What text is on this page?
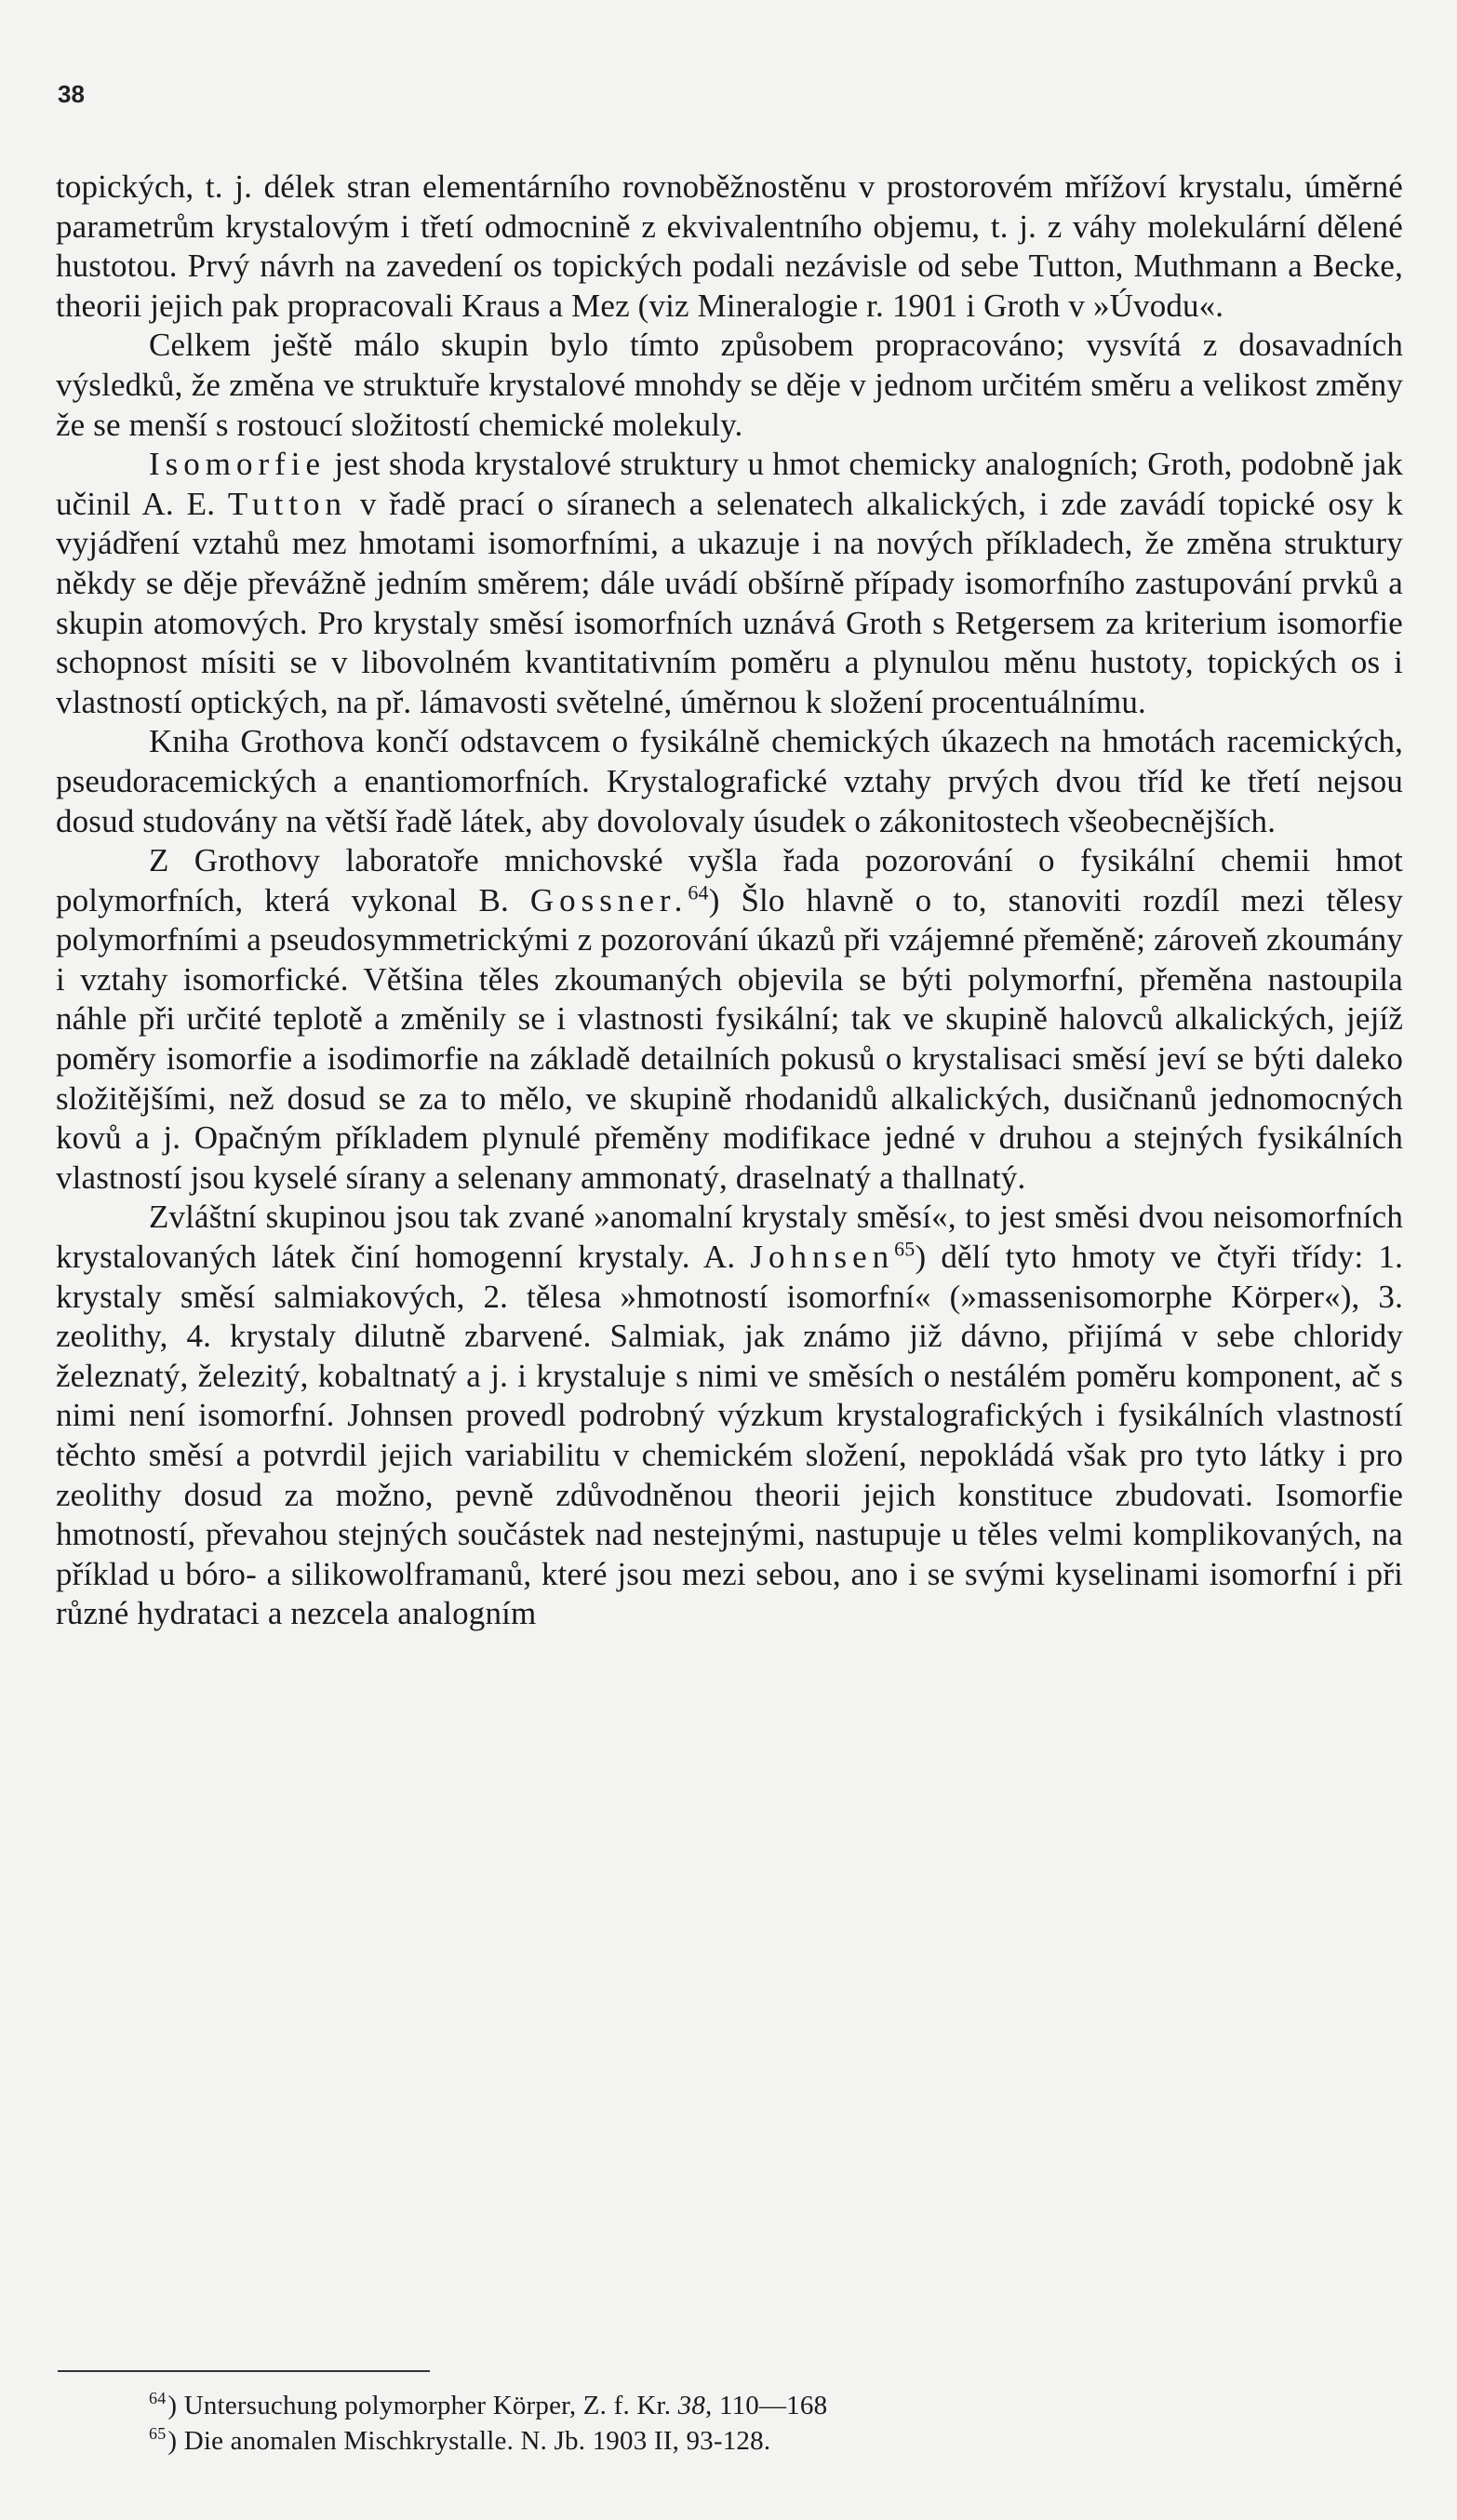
38

topických, t. j. délek stran elementárního rovnoběžnostěnu v prostorovém mřížoví krystalu, úměrné parametrům krystalovým i třetí odmocnině z ekvivalentního objemu, t. j. z váhy molekulární dělené hustotou. Prvý návrh na zavedení os topických podali nezávisle od sebe Tutton, Muthmann a Becke, theorii jejich pak propracovali Kraus a Mez (viz Mineralogie r. 1901 i Groth v »Úvodu«.

Celkem ještě málo skupin bylo tímto způsobem propracováno; vysvítá z dosavadních výsledků, že změna ve struktuře krystalové mnohdy se děje v jednom určitém směru a velikost změny že se menší s rostoucí složitostí chemické molekuly.

Isomorfie jest shoda krystalové struktury u hmot chemicky analogních; Groth, podobně jak učinil A. E. Tutton v řadě prací o síranech a selenatech alkalických, i zde zavádí topické osy k vyjádření vztahů mez hmotami isomorfními, a ukazuje i na nových příkladech, že změna struktury někdy se děje převážně jedním směrem; dále uvádí obšírně případy isomorfního zastupování prvků a skupin atomových. Pro krystaly směsí isomorfních uznává Groth s Retgersem za kriterium isomorfie schopnost mísiti se v libovolném kvantitativním poměru a plynulou měnu hustoty, topických os i vlastností optických, na př. lámavosti světelné, úměrnou k složení procentuálnímu.

Kniha Grothova končí odstavcem o fysikálně chemických úkazech na hmotách racemických, pseudoracemických a enantiomorfních. Krystalografické vztahy prvých dvou tříd ke třetí nejsou dosud studovány na větší řadě látek, aby dovolovaly úsudek o zákonitostech všeobecnějších.

Z Grothovy laboratoře mnichovské vyšla řada pozorování o fysikální chemii hmot polymorfních, která vykonal B. Gossner.$^{64}$) Šlo hlavně o to, stanoviti rozdíl mezi tělesy polymorfními a pseudosymmetrickými z pozorování úkazů při vzájemné přeměně; zároveň zkoumány i vztahy isomorfické. Většina těles zkoumaných objevila se býti polymorfní, přeměna nastoupila náhle při určité teplotě a změnily se i vlastnosti fysikální; tak ve skupině halovců alkalických, jejíž poměry isomorfie a isodimorfie na základě detailních pokusů o krystalisaci směsí jeví se býti daleko složitějšími, než dosud se za to mělo, ve skupině rhodanidů alkalických, dusičnanů jednomocných kovů a j. Opačným příkladem plynulé přeměny modifikace jedné v druhou a stejných fysikálních vlastností jsou kyselé sírany a selenany ammonatý, draselnatý a thallnatý.

Zvláštní skupinou jsou tak zvané »anomalní krystaly směsí«, to jest směsi dvou neisomorfních krystalovaných látek činí homogenní krystaly. A. Johnsen$^{65}$) dělí tyto hmoty ve čtyři třídy: 1. krystaly směsí salmiakových, 2. tělesa »hmotností isomorfní« (»massenisomorphe Körper«), 3. zeolithy, 4. krystaly dilutně zbarvené. Salmiak, jak známo již dávno, přijímá v sebe chloridy železnatý, železitý, kobaltnatý a j. i krystaluje s nimi ve směsích o nestálém poměru komponent, ač s nimi není isomorfní. Johnsen provedl podrobný výzkum krystalografických i fysikálních vlastností těchto směsí a potvrdil jejich variabilitu v chemickém složení, nepokládá však pro tyto látky i pro zeolithy dosud za možno, pevně zdůvodněnou theorii jejich konstituce zbudovati. Isomorfie hmotností, převahou stejných součástek nad nestejnými, nastupuje u těles velmi komplikovaných, na příklad u bóro- a silikowolframanů, které jsou mezi sebou, ano i se svými kyselinami isomorfní i při různé hydrataci a nezcela analogním

$^{64}$) Untersuchung polymorpher Körper, Z. f. Kr. 38, 110—168
$^{65}$) Die anomalen Mischkrystalle. N. Jb. 1903 II, 93-128.
